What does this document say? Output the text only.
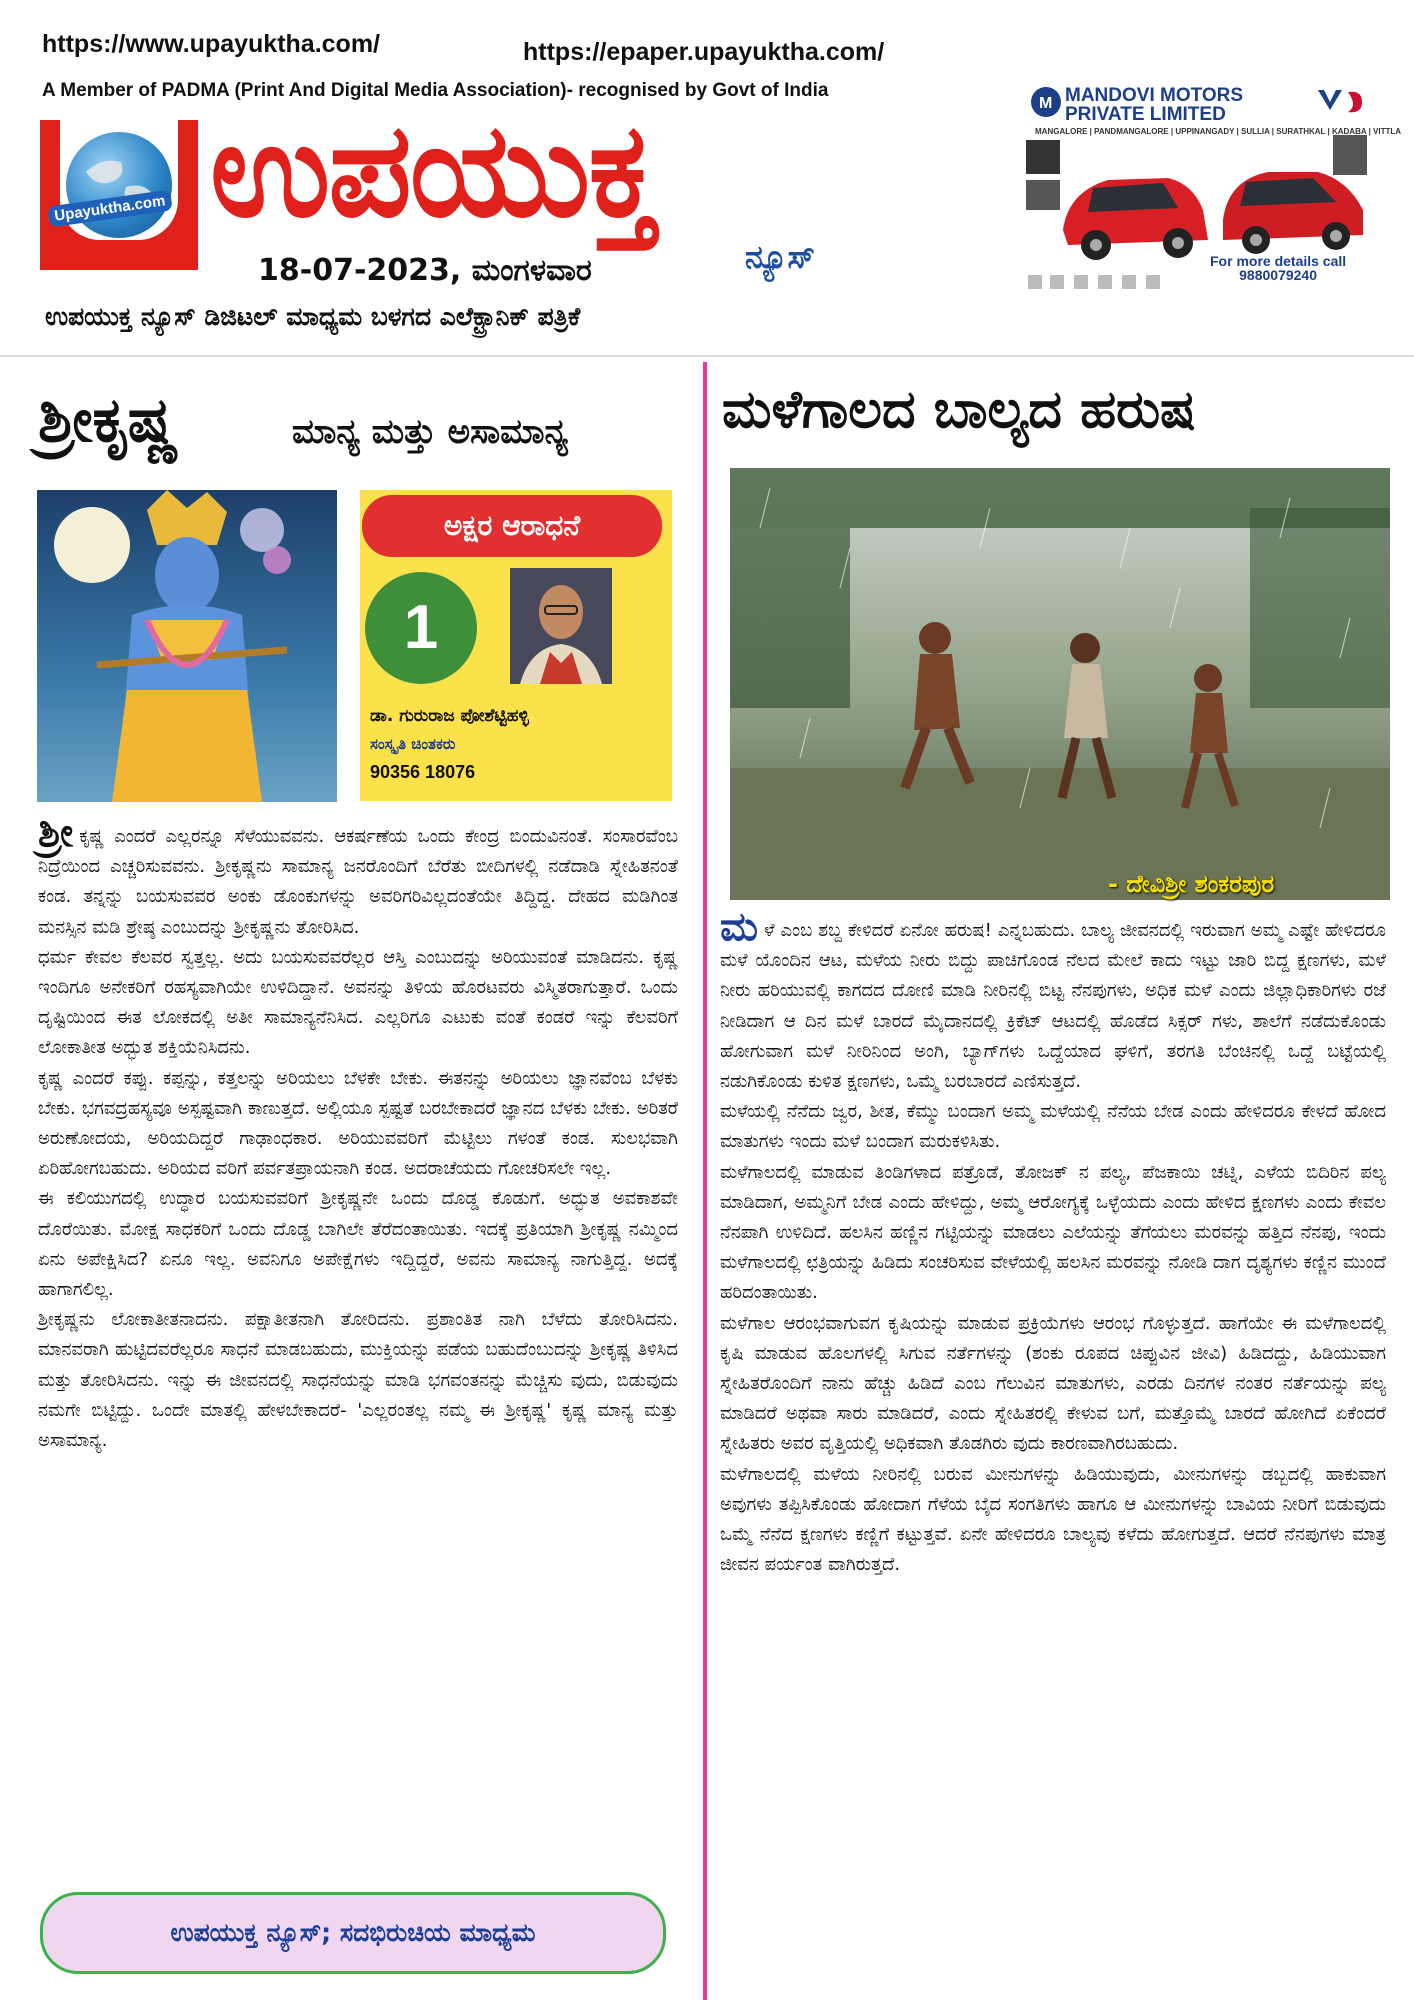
https://www.upayuktha.com/	https://epaper.upayuktha.com/
A Member of PADMA (Print And Digital Media Association)- recognised by Govt of India
Upayuktha.com ಉಪಯುಕ್ತ
ನ್ಯೂಸ್
18-07-2023, ಮಂಗಳವಾರ
ಉಪಯುಕ್ತ ನ್ಯೂಸ್ ಡಿಜಿಟಲ್ ಮಾಧ್ಯಮ ಬಳಗದ ಎಲೆಕ್ಟ್ರಾನಿಕ್ ಪತ್ರಿಕೆ
M MANDOVI MOTORS
PRIVATE LIMITED
MANGALORE | PANDMANGALORE | UPPINANGADY | SULLIA | SURATHKAL | KADABA | VITTLA
For more details call
9880079240
ಶ್ರೀಕೃಷ್ಣ	ಮಾನ್ಯ ಮತ್ತು ಅಸಾಮಾನ್ಯ
ಅಕ್ಷರ ಆರಾಧನೆ
1
ಡಾ. ಗುರುರಾಜ ಪೋಶೆಟ್ಟಿಹಳ್ಳಿ
ಸಂಸ್ಕೃತಿ ಚಿಂತಕರು
90356 18076

ಶ್ರೀ ಕೃಷ್ಣ ಎಂದರೆ ಎಲ್ಲರನ್ನೂ ಸೆಳೆಯುವವನು. ಆಕರ್ಷಣೆಯ ಒಂದು ಕೇಂದ್ರ ಬಿಂದುವಿನಂತೆ. ಸಂಸಾರವೆಂಬ ನಿದ್ರೆಯಿಂದ ಎಚ್ಚರಿಸುವವನು. ಶ್ರೀಕೃಷ್ಣನು ಸಾಮಾನ್ಯ ಜನರೊಂದಿಗೆ ಬೆರೆತು ಬೀದಿಗಳಲ್ಲಿ ನಡೆದಾಡಿ ಸ್ನೇಹಿತನಂತೆ ಕಂಡ. ತನ್ನನ್ನು ಬಯಸುವವರ ಅಂಕು ಡೊಂಕುಗಳನ್ನು ಅವರಿಗರಿವಿಲ್ಲದಂತೆಯೇ ತಿದ್ದಿದ್ದ. ದೇಹದ ಮಡಿಗಿಂತ ಮನಸ್ಸಿನ ಮಡಿ ಶ್ರೇಷ್ಠ ಎಂಬುದನ್ನು ಶ್ರೀಕೃಷ್ಣನು ತೋರಿಸಿದ.

ಧರ್ಮ ಕೇವಲ ಕೆಲವರ ಸ್ವತ್ತಲ್ಲ. ಅದು ಬಯಸುವವರೆಲ್ಲರ ಆಸ್ತಿ ಎಂಬುದನ್ನು ಅರಿಯುವಂತೆ ಮಾಡಿದನು. ಕೃಷ್ಣ ಇಂದಿಗೂ ಅನೇಕರಿಗೆ ರಹಸ್ಯವಾಗಿಯೇ ಉಳಿದಿದ್ದಾನೆ. ಅವನನ್ನು ತಿಳಿಯ ಹೊರಟವರು ವಿಸ್ಮಿತರಾಗುತ್ತಾರೆ. ಒಂದು ದೃಷ್ಟಿಯಿಂದ ಈತ ಲೋಕದಲ್ಲಿ ಅತೀ ಸಾಮಾನ್ಯನೆನಿಸಿದ. ಎಲ್ಲರಿಗೂ ಎಟುಕು ವಂತೆ ಕಂಡರೆ ಇನ್ನು ಕೆಲವರಿಗೆ ಲೋಕಾತೀತ ಅದ್ಭುತ ಶಕ್ತಿಯೆನಿಸಿದನು.

ಕೃಷ್ಣ ಎಂದರೆ ಕಪ್ಪು. ಕಪ್ಪನ್ನು, ಕತ್ತಲನ್ನು ಅರಿಯಲು ಬೆಳಕೇ ಬೇಕು. ಈತನನ್ನು ಅರಿಯಲು ಜ್ಞಾನವೆಂಬ ಬೆಳಕು ಬೇಕು. ಭಗವದ್ರಹಸ್ಯವೂ ಅಸ್ಪಷ್ಟವಾಗಿ ಕಾಣುತ್ತದೆ. ಅಲ್ಲಿಯೂ ಸ್ಪಷ್ಟತೆ ಬರಬೇಕಾದರೆ ಜ್ಞಾನದ ಬೆಳಕು ಬೇಕು. ಅರಿತರೆ ಅರುಣೋದಯ, ಅರಿಯದಿದ್ದರೆ ಗಾಢಾಂಧಕಾರ. ಅರಿಯುವವರಿಗೆ ಮೆಟ್ಟಿಲು ಗಳಂತೆ ಕಂಡ. ಸುಲಭವಾಗಿ ಏರಿಹೋಗಬಹುದು. ಅರಿಯದ ವರಿಗೆ ಪರ್ವತಪ್ರಾಯನಾಗಿ ಕಂಡ. ಅದರಾಚೆಯದು ಗೋಚರಿಸಲೇ ಇಲ್ಲ.

ಈ ಕಲಿಯುಗದಲ್ಲಿ ಉದ್ಧಾರ ಬಯಸುವವರಿಗೆ ಶ್ರೀಕೃಷ್ಣನೇ ಒಂದು ದೊಡ್ಡ ಕೊಡುಗೆ. ಅದ್ಭುತ ಅವಕಾಶವೇ ದೊರೆಯಿತು. ಮೋಕ್ಷ ಸಾಧಕರಿಗೆ ಒಂದು ದೊಡ್ಡ ಬಾಗಿಲೇ ತೆರೆದಂತಾಯಿತು. ಇದಕ್ಕೆ ಪ್ರತಿಯಾಗಿ ಶ್ರೀಕೃಷ್ಣ ನಮ್ಮಿಂದ ಏನು ಅಪೇಕ್ಷಿಸಿದ? ಏನೂ ಇಲ್ಲ. ಅವನಿಗೂ ಅಪೇಕ್ಷೆಗಳು ಇದ್ದಿದ್ದರೆ, ಅವನು ಸಾಮಾನ್ಯ ನಾಗುತ್ತಿದ್ದ. ಅದಕ್ಕೆ ಹಾಗಾಗಲಿಲ್ಲ.

ಶ್ರೀಕೃಷ್ಣನು ಲೋಕಾತೀತನಾದನು. ಪಕ್ಷಾತೀತನಾಗಿ ತೋರಿದನು. ಪ್ರಶಾಂತಿತ ನಾಗಿ ಬೆಳೆದು ತೋರಿಸಿದನು. ಮಾನವರಾಗಿ ಹುಟ್ಟಿದವರೆಲ್ಲರೂ ಸಾಧನೆ ಮಾಡಬಹುದು, ಮುಕ್ತಿಯನ್ನು ಪಡೆಯ ಬಹುದೆಂಬುದನ್ನು ಶ್ರೀಕೃಷ್ಣ ತಿಳಿಸಿದ ಮತ್ತು ತೋರಿಸಿದನು. ಇನ್ನು ಈ ಜೀವನದಲ್ಲಿ ಸಾಧನೆಯನ್ನು ಮಾಡಿ ಭಗವಂತನನ್ನು ಮೆಚ್ಚಿಸು ವುದು, ಬಿಡುವುದು ನಮಗೇ ಬಿಟ್ಟಿದ್ದು. ಒಂದೇ ಮಾತಲ್ಲಿ ಹೇಳಬೇಕಾದರೆ- 'ಎಲ್ಲರಂತಲ್ಲ ನಮ್ಮ ಈ ಶ್ರೀಕೃಷ್ಣ' ಕೃಷ್ಣ ಮಾನ್ಯ ಮತ್ತು ಅಸಾಮಾನ್ಯ.

ಉಪಯುಕ್ತ ನ್ಯೂಸ್; ಸದಭಿರುಚಿಯ ಮಾಧ್ಯಮ
ಮಳೆಗಾಲದ ಬಾಲ್ಯದ ಹರುಷ
- ದೇವಿಶ್ರೀ ಶಂಕರಪುರ

ಮಳೆ ಎಂಬ ಶಬ್ದ ಕೇಳಿದರೆ ಏನೋ ಹರುಷ! ಎನ್ನಬಹುದು. ಬಾಲ್ಯ ಜೀವನದಲ್ಲಿ ಇರುವಾಗ ಅಮ್ಮ ಎಷ್ಟೇ ಹೇಳಿದರೂ ಮಳೆ ಯೊಂದಿನ ಆಟ, ಮಳೆಯ ನೀರು ಬಿದ್ದು ಪಾಚಿಗೊಂಡ ನೆಲದ ಮೇಲೆ ಕಾದು ಇಟ್ಟು ಜಾರಿ ಬಿದ್ದ ಕ್ಷಣಗಳು, ಮಳೆ ನೀರು ಹರಿಯುವಲ್ಲಿ ಕಾಗದದ ದೋಣಿ ಮಾಡಿ ನೀರಿನಲ್ಲಿ ಬಿಟ್ಟ ನೆನಪುಗಳು, ಅಧಿಕ ಮಳೆ ಎಂದು ಜಿಲ್ಲಾಧಿಕಾರಿಗಳು ರಜೆ ನೀಡಿದಾಗ ಆ ದಿನ ಮಳೆ ಬಾರದೆ ಮೈದಾನದಲ್ಲಿ ಕ್ರಿಕೆಟ್ ಆಟದಲ್ಲಿ ಹೊಡೆದ ಸಿಕ್ಸರ್ ಗಳು, ಶಾಲೆಗೆ ನಡೆದುಕೊಂಡು ಹೋಗುವಾಗ ಮಳೆ ನೀರಿನಿಂದ ಅಂಗಿ, ಬ್ಯಾಗ್‌ಗಳು ಒದ್ದೆಯಾದ ಘಳಿಗೆ, ತರಗತಿ ಬೆಂಚಿನಲ್ಲಿ ಒದ್ದೆ ಬಟ್ಟೆಯಲ್ಲಿ ನಡುಗಿಕೊಂಡು ಕುಳಿತ ಕ್ಷಣಗಳು, ಒಮ್ಮೆ ಬರಬಾರದೆ ಎಣಿಸುತ್ತದೆ.

ಮಳೆಯಲ್ಲಿ ನೆನೆದು ಜ್ವರ, ಶೀತ, ಕೆಮ್ಮು ಬಂದಾಗ ಅಮ್ಮ ಮಳೆಯಲ್ಲಿ ನೆನೆಯ ಬೇಡ ಎಂದು ಹೇಳಿದರೂ ಕೇಳದೆ ಹೋದ ಮಾತುಗಳು ಇಂದು ಮಳೆ ಬಂದಾಗ ಮರುಕಳಿಸಿತು.

ಮಳೆಗಾಲದಲ್ಲಿ ಮಾಡುವ ತಿಂಡಿಗಳಾದ ಪತ್ರೊಡೆ, ತೋಜಕ್ ನ ಪಲ್ಯ, ಪೆಜಕಾಯಿ ಚಟ್ನಿ, ಎಳೆಯ ಬಿದಿರಿನ ಪಲ್ಯ ಮಾಡಿದಾಗ, ಅಮ್ಮನಿಗೆ ಬೇಡ ಎಂದು ಹೇಳಿದ್ದು, ಅಮ್ಮ ಆರೋಗ್ಯಕ್ಕೆ ಒಳ್ಳೆಯದು ಎಂದು ಹೇಳಿದ ಕ್ಷಣಗಳು ಎಂದು ಕೇವಲ ನೆನಪಾಗಿ ಉಳಿದಿದೆ. ಹಲಸಿನ ಹಣ್ಣಿನ ಗಟ್ಟಿಯನ್ನು ಮಾಡಲು ಎಲೆಯನ್ನು ತೆಗೆಯಲು ಮರವನ್ನು ಹತ್ತಿದ ನೆನಪು, ಇಂದು ಮಳೆಗಾಲದಲ್ಲಿ ಛತ್ರಿಯನ್ನು ಹಿಡಿದು ಸಂಚರಿಸುವ ವೇಳೆಯಲ್ಲಿ ಹಲಸಿನ ಮರವನ್ನು ನೋಡಿ ದಾಗ ದೃಶ್ಯಗಳು ಕಣ್ಣಿನ ಮುಂದೆ ಹರಿದಂತಾಯಿತು.

ಮಳೆಗಾಲ ಆರಂಭವಾಗುವಗ ಕೃಷಿಯನ್ನು ಮಾಡುವ ಪ್ರಕ್ರಿಯೆಗಳು ಆರಂಭ ಗೊಳ್ಳುತ್ತದೆ. ಹಾಗೆಯೇ ಈ ಮಳೆಗಾಲದಲ್ಲಿ ಕೃಷಿ ಮಾಡುವ ಹೊಲಗಳಲ್ಲಿ ಸಿಗುವ ನರ್ತೆಗಳನ್ನು (ಶಂಕು ರೂಪದ ಚಿಪ್ಪುವಿನ ಜೀವಿ) ಹಿಡಿದದ್ದು, ಹಿಡಿಯುವಾಗ ಸ್ನೇಹಿತರೊಂದಿಗೆ ನಾನು ಹೆಚ್ಚು ಹಿಡಿದೆ ಎಂಬ ಗೆಲುವಿನ ಮಾತುಗಳು, ಎರಡು ದಿನಗಳ ನಂತರ ನರ್ತೆಯನ್ನು ಪಲ್ಯ ಮಾಡಿದರೆ ಅಥವಾ ಸಾರು ಮಾಡಿದರೆ, ಎಂದು ಸ್ನೇಹಿತರಲ್ಲಿ ಕೇಳುವ ಬಗೆ, ಮತ್ತೊಮ್ಮೆ ಬಾರದೆ ಹೋಗಿದೆ ಏಕೆಂದರೆ ಸ್ನೇಹಿತರು ಅವರ ವೃತ್ತಿಯಲ್ಲಿ ಅಧಿಕವಾಗಿ ತೊಡಗಿರು ವುದು ಕಾರಣವಾಗಿರಬಹುದು.

ಮಳೆಗಾಲದಲ್ಲಿ ಮಳೆಯ ನೀರಿನಲ್ಲಿ ಬರುವ ಮೀನುಗಳನ್ನು ಹಿಡಿಯುವುದು, ಮೀನುಗಳನ್ನು ಡಬ್ಬದಲ್ಲಿ ಹಾಕುವಾಗ ಅವುಗಳು ತಪ್ಪಿಸಿಕೊಂಡು ಹೋದಾಗ ಗೆಳೆಯ ಬೈದ ಸಂಗತಿಗಳು ಹಾಗೂ ಆ ಮೀನುಗಳನ್ನು ಬಾವಿಯ ನೀರಿಗೆ ಬಿಡುವುದು ಒಮ್ಮೆ ನೆನೆದ ಕ್ಷಣಗಳು ಕಣ್ಣಿಗೆ ಕಟ್ಟುತ್ತವೆ. ಏನೇ ಹೇಳಿದರೂ ಬಾಲ್ಯವು ಕಳೆದು ಹೋಗುತ್ತದೆ. ಆದರೆ ನೆನಪುಗಳು ಮಾತ್ರ ಜೀವನ ಪರ್ಯಂತ ವಾಗಿರುತ್ತದೆ.
